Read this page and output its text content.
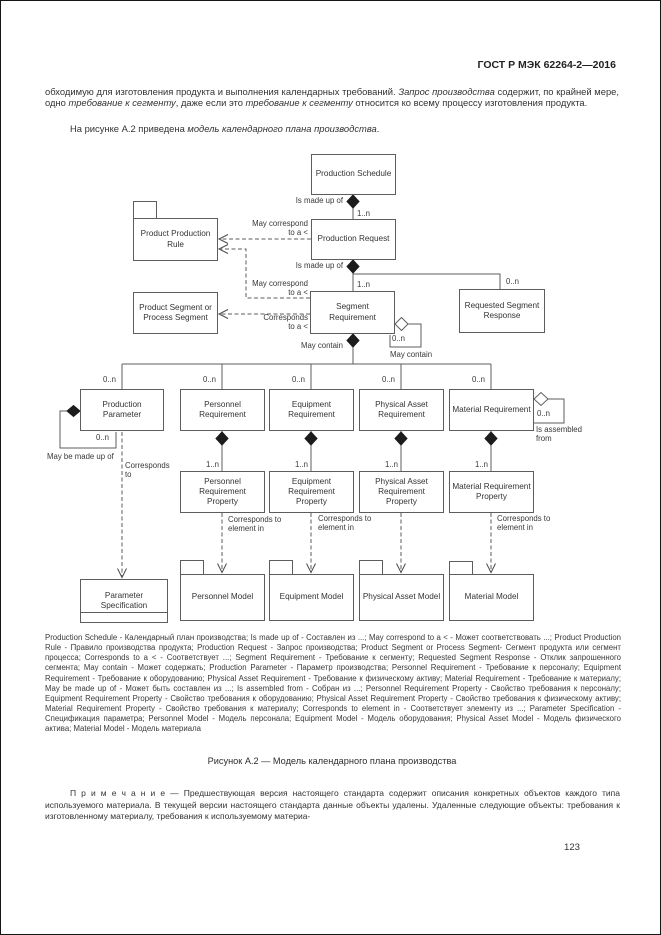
ГОСТ Р МЭК 62264-2—2016

обходимую для изготовления продукта и выполнения календарных требований. Запрос производства содержит, по крайней мере, одно требование к сегменту, даже если это требование к сегменту относится ко всему процессу изготовления продукта.

На рисунке А.2 приведена модель календарного плана производства.

Production Schedule
Production Request
Product Production Rule
Segment Requirement
Requested Segment Response
Product Segment or Process Segment
Production Parameter
Personnel Requirement
Equipment Requirement
Physical Asset Requirement
Material Requirement
Personnel Requirement Property
Equipment Requirement Property
Physical Asset Requirement Property
Material Requirement Property
Parameter Specification
Personnel Model	Equipment Model Physical Asset Model	Material Model
Is made up of
1..n
May correspond to a <
Is made up of
May correspond to a <
1..n	0..n
Corresponds to a <
May contain
0..n
May contain
0..n	0..n	0..n	0..n	0..n
0..n
May be made up of
Corresponds to
1..n	1..n	1..n	1..n
0..n
Is assembled from
Corresponds to element in
Corresponds to element in
Corresponds to element in

Production Schedule - Календарный план производства; Is made up of - Составлен из ...; May correspond to a < - Может соответствовать ...; Product Production Rule - Правило производства продукта; Production Request - Запрос производства; Product Segment or Process Segment- Сегмент продукта или сегмент процесса; Corresponds to a < - Соответствует ...; Segment Requirement - Требование к сегменту; Requested Segment Response - Отклик запрошенного сегмента; May contain - Может содержать; Production Parameter - Параметр производства; Personnel Requirement - Требование к персоналу; Equipment Requirement - Требование к оборудованию; Physical Asset Requirement - Требование к физическому активу; Material Requirement - Требование к материалу; May be made up of - Может быть составлен из ...; Is assembled from - Собран из ...; Personnel Requirement Property - Свойство требования к персоналу; Equipment Requirement Property - Свойство требования к оборудованию; Physical Asset Requirement Property - Свойство требования к физическому активу; Material Requirement Property - Свойство требования к материалу; Corresponds to element in - Соответствует элементу из ...; Parameter Specification - Спецификация параметра; Personnel Model - Модель персонала; Equipment Model - Модель оборудования; Physical Asset Model - Модель физического актива; Material Model - Модель материала

Рисунок А.2 — Модель календарного плана производства

П р и м е ч а н и е — Предшествующая версия настоящего стандарта содержит описания конкретных объектов каждого типа используемого материала. В текущей версии настоящего стандарта данные объекты удалены. Удаленные следующие объекты: требования к изготовленному материалу, требования к используемому материа-

123
